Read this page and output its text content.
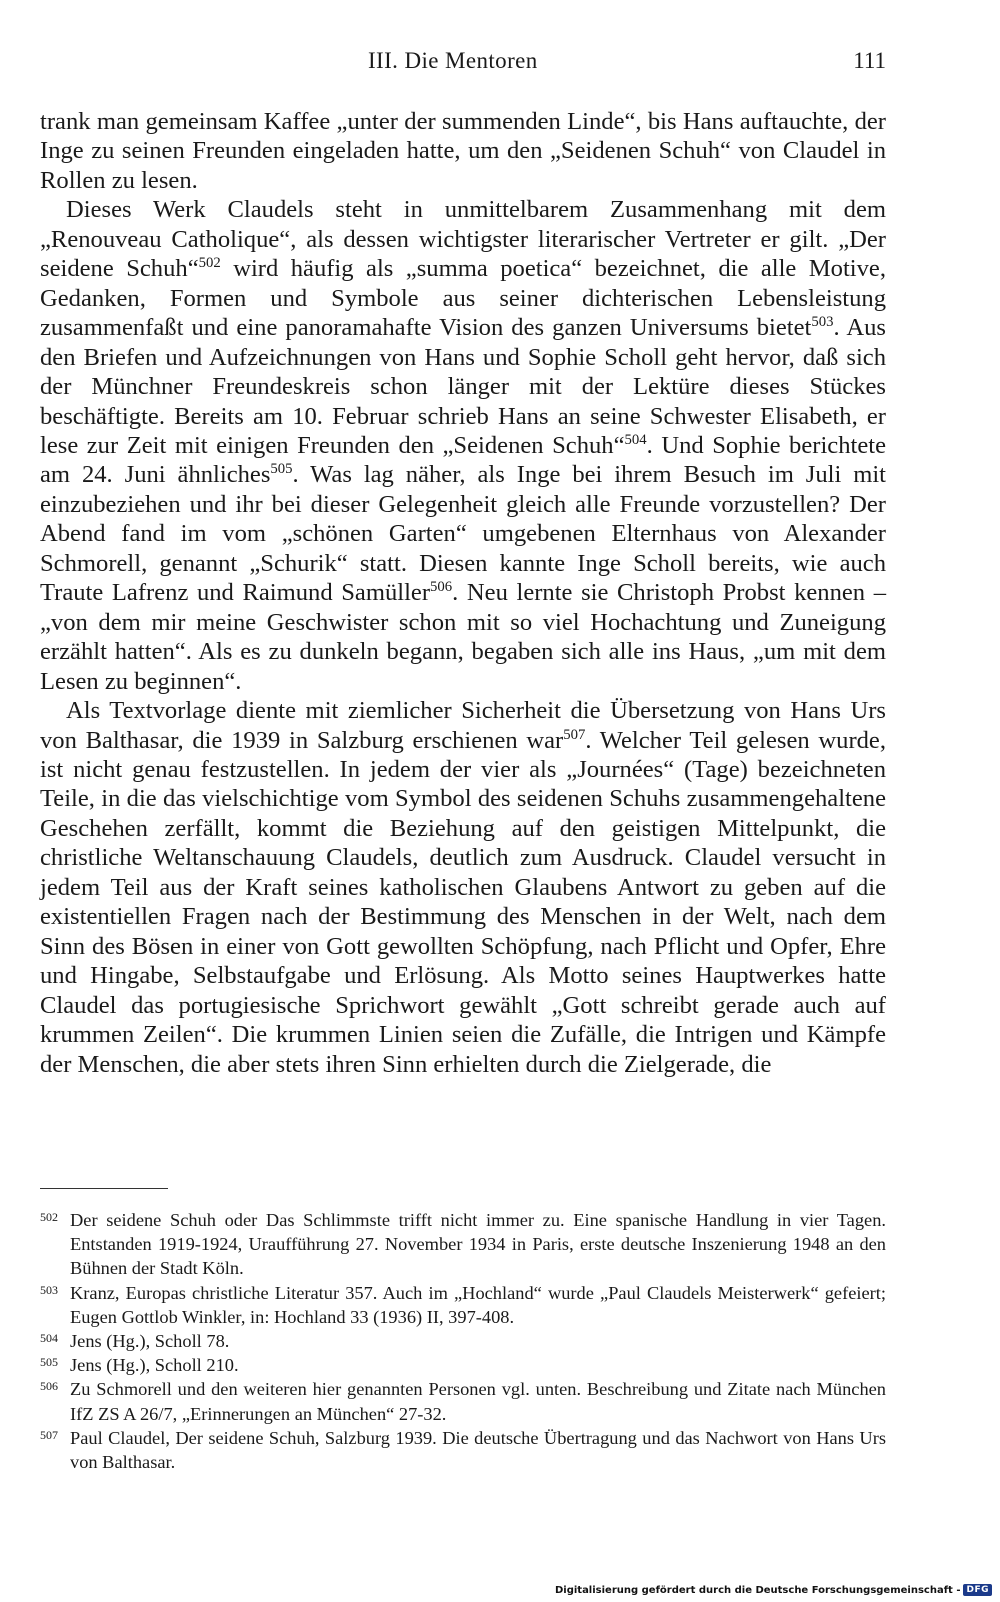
III. Die Mentoren	111

trank man gemeinsam Kaffee „unter der summenden Linde“, bis Hans auftauchte, der Inge zu seinen Freunden eingeladen hatte, um den „Seidenen Schuh“ von Claudel in Rollen zu lesen.

Dieses Werk Claudels steht in unmittelbarem Zusammenhang mit dem „Renouveau Catholique“, als dessen wichtigster literarischer Vertreter er gilt. „Der seidene Schuh“$^{502}$ wird häufig als „summa poetica“ bezeichnet, die alle Motive, Gedanken, Formen und Symbole aus seiner dichterischen Lebensleistung zusammenfaßt und eine panoramahafte Vision des ganzen Universums bietet$^{503}$. Aus den Briefen und Aufzeichnungen von Hans und Sophie Scholl geht hervor, daß sich der Münchner Freundeskreis schon länger mit der Lektüre dieses Stückes beschäftigte. Bereits am 10. Februar schrieb Hans an seine Schwester Elisabeth, er lese zur Zeit mit einigen Freunden den „Seidenen Schuh“$^{504}$. Und Sophie berichtete am 24. Juni ähnliches$^{505}$. Was lag näher, als Inge bei ihrem Besuch im Juli mit einzubeziehen und ihr bei dieser Gelegenheit gleich alle Freunde vorzustellen? Der Abend fand im vom „schönen Garten“ umgebenen Elternhaus von Alexander Schmorell, genannt „Schurik“ statt. Diesen kannte Inge Scholl bereits, wie auch Traute Lafrenz und Raimund Samüller$^{506}$. Neu lernte sie Christoph Probst kennen – „von dem mir meine Geschwister schon mit so viel Hochachtung und Zuneigung erzählt hatten“. Als es zu dunkeln begann, begaben sich alle ins Haus, „um mit dem Lesen zu beginnen“.

Als Textvorlage diente mit ziemlicher Sicherheit die Übersetzung von Hans Urs von Balthasar, die 1939 in Salzburg erschienen war$^{507}$. Welcher Teil gelesen wurde, ist nicht genau festzustellen. In jedem der vier als „Journées“ (Tage) bezeichneten Teile, in die das vielschichtige vom Symbol des seidenen Schuhs zusammengehaltene Geschehen zerfällt, kommt die Beziehung auf den geistigen Mittelpunkt, die christliche Weltanschauung Claudels, deutlich zum Ausdruck. Claudel versucht in jedem Teil aus der Kraft seines katholischen Glaubens Antwort zu geben auf die existentiellen Fragen nach der Bestimmung des Menschen in der Welt, nach dem Sinn des Bösen in einer von Gott gewollten Schöpfung, nach Pflicht und Opfer, Ehre und Hingabe, Selbstaufgabe und Erlösung. Als Motto seines Hauptwerkes hatte Claudel das portugiesische Sprichwort gewählt „Gott schreibt gerade auch auf krummen Zeilen“. Die krummen Linien seien die Zufälle, die Intrigen und Kämpfe der Menschen, die aber stets ihren Sinn erhielten durch die Zielgerade, die

502 Der seidene Schuh oder Das Schlimmste trifft nicht immer zu. Eine spanische Handlung in vier Tagen. Entstanden 1919-1924, Uraufführung 27. November 1934 in Paris, erste deutsche Inszenierung 1948 an den Bühnen der Stadt Köln.
503 Kranz, Europas christliche Literatur 357. Auch im „Hochland“ wurde „Paul Claudels Meisterwerk“ gefeiert; Eugen Gottlob Winkler, in: Hochland 33 (1936) II, 397-408.
504 Jens (Hg.), Scholl 78.
505 Jens (Hg.), Scholl 210.
506 Zu Schmorell und den weiteren hier genannten Personen vgl. unten. Beschreibung und Zitate nach München IfZ ZS A 26/7, „Erinnerungen an München“ 27-32.
507 Paul Claudel, Der seidene Schuh, Salzburg 1939. Die deutsche Übertragung und das Nachwort von Hans Urs von Balthasar.
Digitalisierung gefördert durch die Deutsche Forschungsgemeinschaft - DFG
